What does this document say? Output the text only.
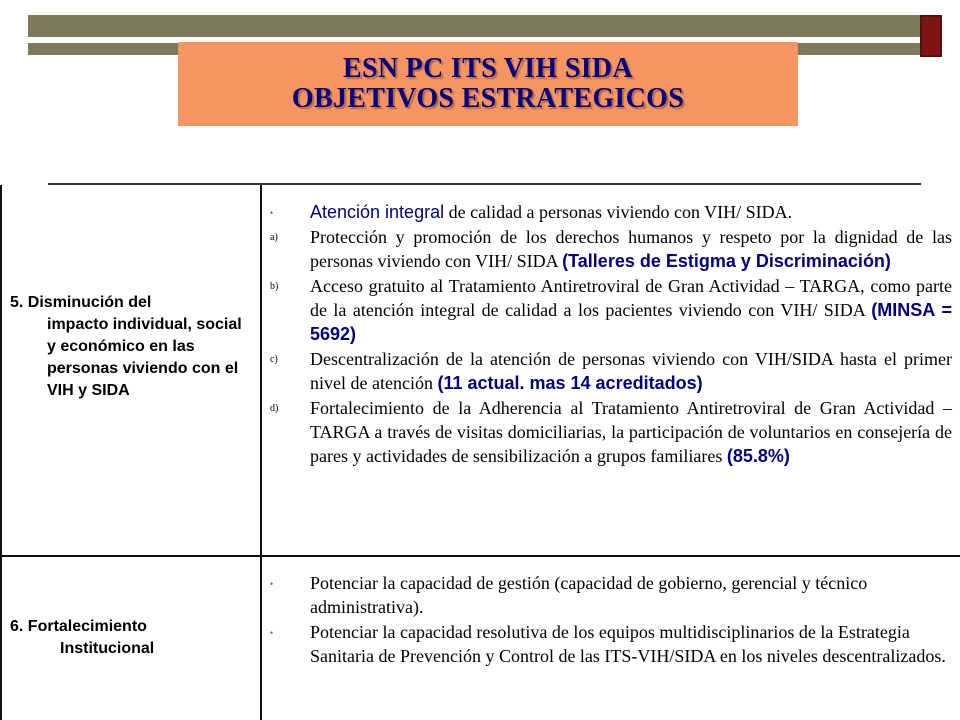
ESN PC ITS VIH SIDA
OBJETIVOS ESTRATEGICOS
5. Disminución del
impacto individual, social y económico en las personas viviendo con el VIH y SIDA
• Atención integral de calidad a personas viviendo con VIH/ SIDA.
a) Protección y promoción de los derechos humanos y respeto por la dignidad de las personas viviendo con VIH/ SIDA (Talleres de Estigma y Discriminación)
b) Acceso gratuito al Tratamiento Antiretroviral de Gran Actividad – TARGA, como parte de la atención integral de calidad a los pacientes viviendo con VIH/ SIDA (MINSA = 5692)
c) Descentralización de la atención de personas viviendo con VIH/SIDA hasta el primer nivel de atención (11 actual. mas 14 acreditados)
d) Fortalecimiento de la Adherencia al Tratamiento Antiretroviral de Gran Actividad – TARGA a través de visitas domiciliarias, la participación de voluntarios en consejería de pares y actividades de sensibilización a grupos familiares (85.8%)
6. Fortalecimiento
Institucional
• Potenciar la capacidad de gestión (capacidad de gobierno, gerencial y técnico administrativa).
• Potenciar la capacidad resolutiva de los equipos multidisciplinarios de la Estrategia Sanitaria de Prevención y Control de las ITS-VIH/SIDA en los niveles descentralizados.
